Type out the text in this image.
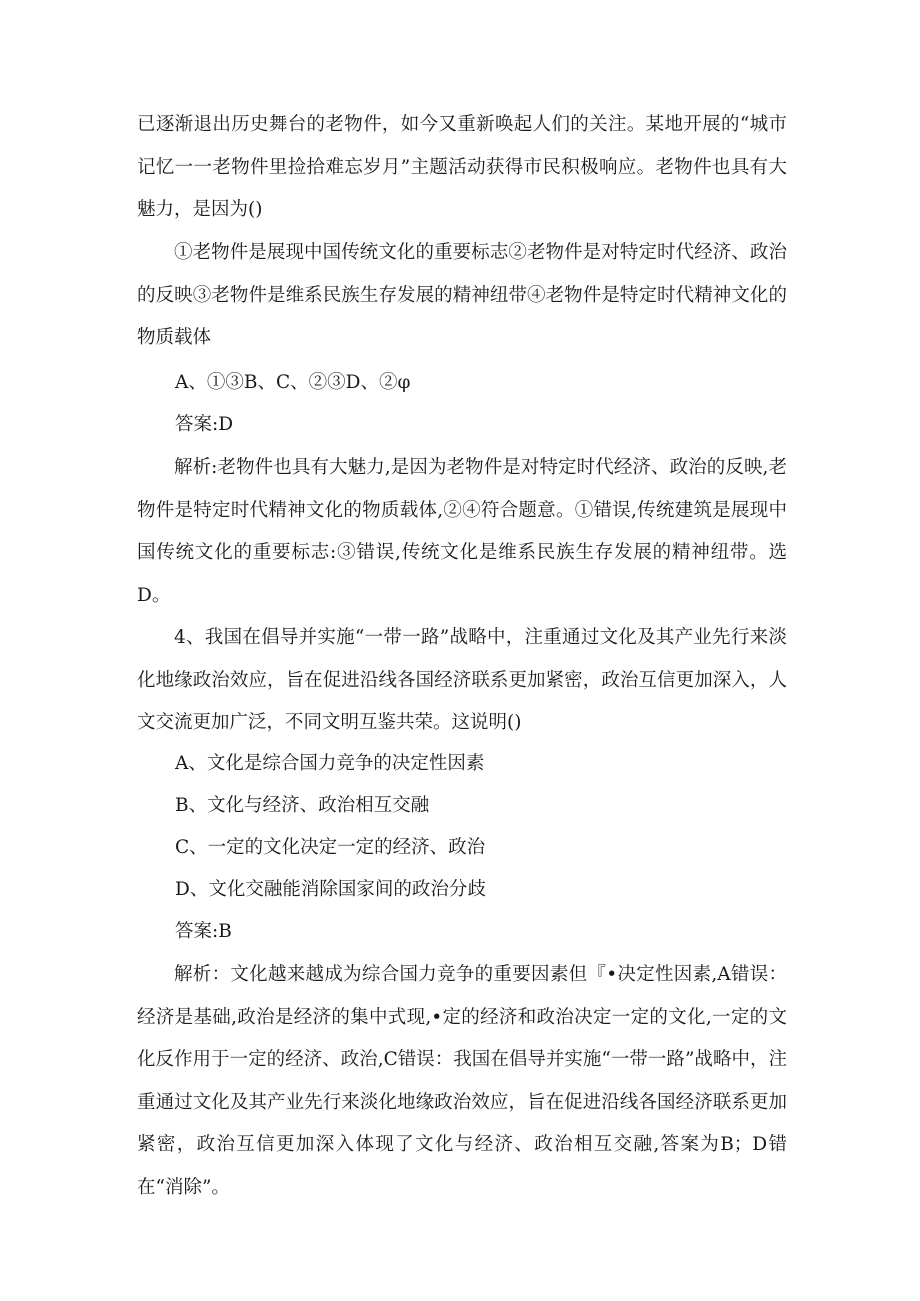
已逐渐退出历史舞台的老物件，如今又重新唤起人们的关注。某地开展的“城市记忆一一老物件里捡拾难忘岁月”主题活动获得市民积极响应。老物件也具有大魅力，是因为()

①老物件是展现中国传统文化的重要标志②老物件是对特定时代经济、政治的反映③老物件是维系民族生存发展的精神纽带④老物件是特定时代精神文化的物质载体

A、①③B、C、②③D、②φ

答案:D

解析:老物件也具有大魅力,是因为老物件是对特定时代经济、政治的反映,老物件是特定时代精神文化的物质载体,②④符合题意。①错误,传统建筑是展现中国传统文化的重要标志:③错误,传统文化是维系民族生存发展的精神纽带。选D。

4、我国在倡导并实施“一带一路”战略中，注重通过文化及其产业先行来淡化地缘政治效应，旨在促进沿线各国经济联系更加紧密，政治互信更加深入，人文交流更加广泛，不同文明互鉴共荣。这说明()

A、文化是综合国力竞争的决定性因素

B、文化与经济、政治相互交融

C、一定的文化决定一定的经济、政治

D、文化交融能消除国家间的政治分歧

答案:B

解析：文化越来越成为综合国力竞争的重要因素但『•决定性因素,A错误：经济是基础,政治是经济的集中式现,•定的经济和政治决定一定的文化,一定的文化反作用于一定的经济、政治,C错误：我国在倡导并实施“一带一路”战略中，注重通过文化及其产业先行来淡化地缘政治效应，旨在促进沿线各国经济联系更加紧密，政治互信更加深入体现了文化与经济、政治相互交融,答案为B；D错在“消除”。
